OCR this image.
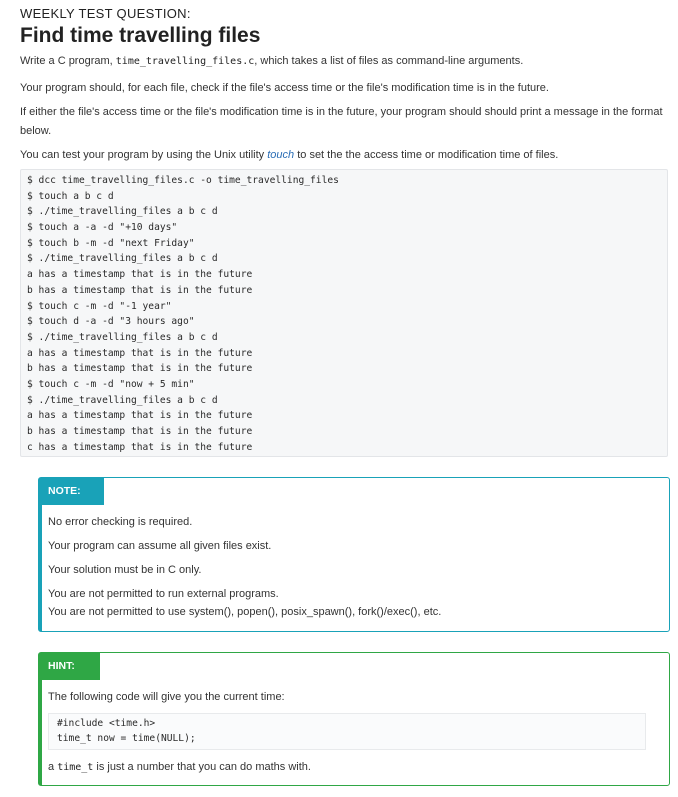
WEEKLY TEST QUESTION:
Find time travelling files
Write a C program, time_travelling_files.c, which takes a list of files as command-line arguments.
Your program should, for each file, check if the file's access time or the file's modification time is in the future.
If either the file's access time or the file's modification time is in the future, your program should should print a message in the format below.
You can test your program by using the Unix utility touch to set the the access time or modification time of files.
$ dcc time_travelling_files.c -o time_travelling_files
$ touch a b c d
$ ./time_travelling_files a b c d
$ touch a -a -d "+10 days"
$ touch b -m -d "next Friday"
$ ./time_travelling_files a b c d
a has a timestamp that is in the future
b has a timestamp that is in the future
$ touch c -m -d "-1 year"
$ touch d -a -d "3 hours ago"
$ ./time_travelling_files a b c d
a has a timestamp that is in the future
b has a timestamp that is in the future
$ touch c -m -d "now + 5 min"
$ ./time_travelling_files a b c d
a has a timestamp that is in the future
b has a timestamp that is in the future
c has a timestamp that is in the future
NOTE:
No error checking is required.
Your program can assume all given files exist.
Your solution must be in C only.
You are not permitted to run external programs.
You are not permitted to use system(), popen(), posix_spawn(), fork()/exec(), etc.
HINT:
The following code will give you the current time:
#include <time.h>
time_t now = time(NULL);
a time_t is just a number that you can do maths with.
